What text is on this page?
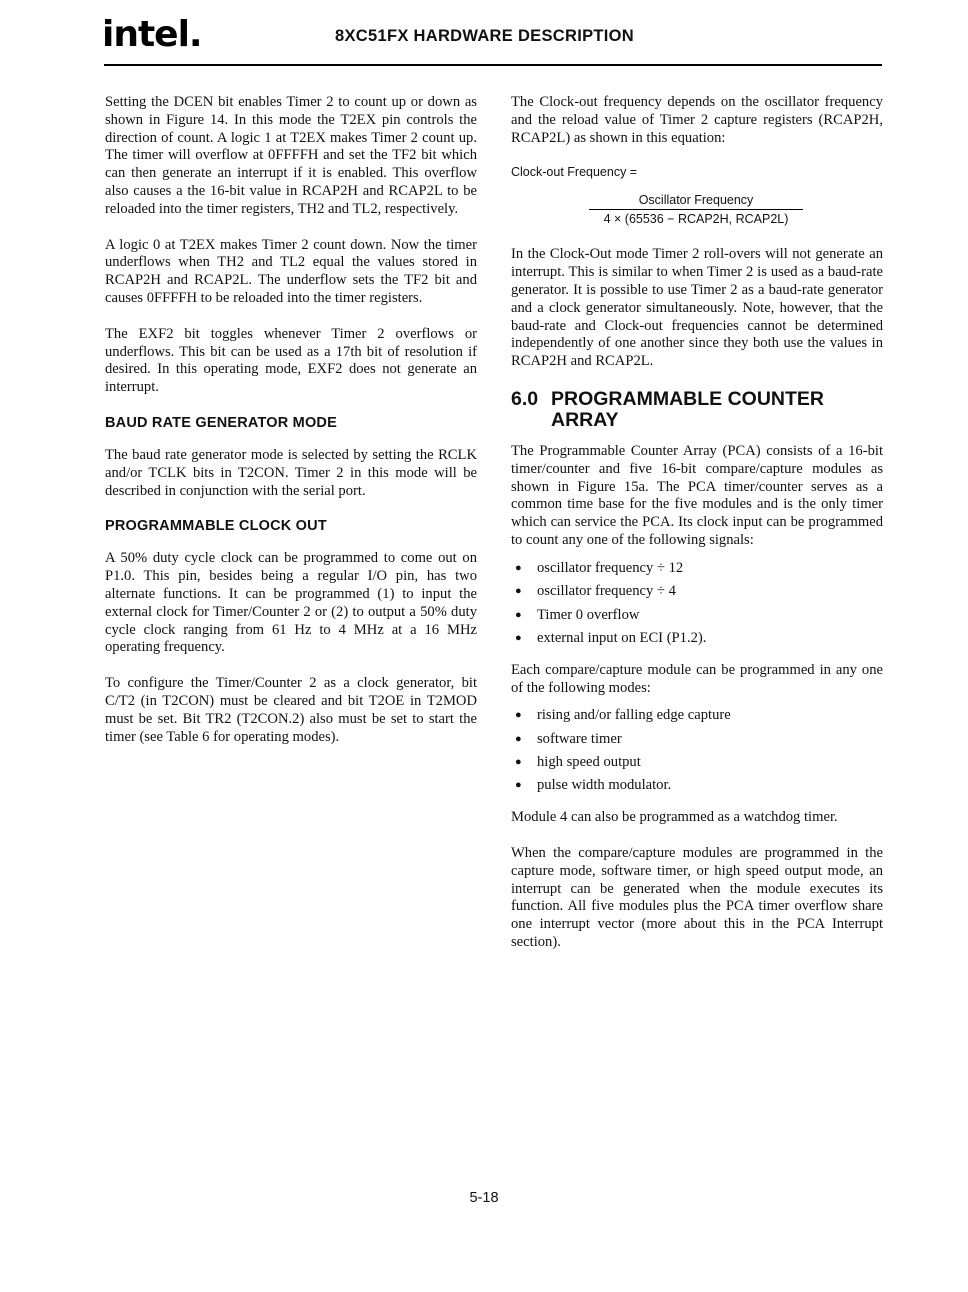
intel.	8XC51FX HARDWARE DESCRIPTION

Setting the DCEN bit enables Timer 2 to count up or down as shown in Figure 14. In this mode the T2EX pin controls the direction of count. A logic 1 at T2EX makes Timer 2 count up. The timer will overflow at 0FFFFH and set the TF2 bit which can then generate an interrupt if it is enabled. This overflow also causes a the 16-bit value in RCAP2H and RCAP2L to be reloaded into the timer registers, TH2 and TL2, respectively.

A logic 0 at T2EX makes Timer 2 count down. Now the timer underflows when TH2 and TL2 equal the values stored in RCAP2H and RCAP2L. The underflow sets the TF2 bit and causes 0FFFFH to be reloaded into the timer registers.

The EXF2 bit toggles whenever Timer 2 overflows or underflows. This bit can be used as a 17th bit of resolution if desired. In this operating mode, EXF2 does not generate an interrupt.

BAUD RATE GENERATOR MODE

The baud rate generator mode is selected by setting the RCLK and/or TCLK bits in T2CON. Timer 2 in this mode will be described in conjunction with the serial port.

PROGRAMMABLE CLOCK OUT

A 50% duty cycle clock can be programmed to come out on P1.0. This pin, besides being a regular I/O pin, has two alternate functions. It can be programmed (1) to input the external clock for Timer/Counter 2 or (2) to output a 50% duty cycle clock ranging from 61 Hz to 4 MHz at a 16 MHz operating frequency.

To configure the Timer/Counter 2 as a clock generator, bit C/T2 (in T2CON) must be cleared and bit T2OE in T2MOD must be set. Bit TR2 (T2CON.2) also must be set to start the timer (see Table 6 for operating modes).

The Clock-out frequency depends on the oscillator frequency and the reload value of Timer 2 capture registers (RCAP2H, RCAP2L) as shown in this equation:

Clock-out Frequency =
Oscillator Frequency
4 × (65536 − RCAP2H, RCAP2L)

In the Clock-Out mode Timer 2 roll-overs will not generate an interrupt. This is similar to when Timer 2 is used as a baud-rate generator. It is possible to use Timer 2 as a baud-rate generator and a clock generator simultaneously. Note, however, that the baud-rate and Clock-out frequencies cannot be determined independently of one another since they both use the values in RCAP2H and RCAP2L.

6.0 PROGRAMMABLE COUNTER ARRAY

The Programmable Counter Array (PCA) consists of a 16-bit timer/counter and five 16-bit compare/capture modules as shown in Figure 15a. The PCA timer/counter serves as a common time base for the five modules and is the only timer which can service the PCA. Its clock input can be programmed to count any one of the following signals:

●	oscillator frequency ÷ 12
●	oscillator frequency ÷ 4
●	Timer 0 overflow
●	external input on ECI (P1.2).

Each compare/capture module can be programmed in any one of the following modes:

●	rising and/or falling edge capture
●	software timer
●	high speed output
●	pulse width modulator.

Module 4 can also be programmed as a watchdog timer.

When the compare/capture modules are programmed in the capture mode, software timer, or high speed output mode, an interrupt can be generated when the module executes its function. All five modules plus the PCA timer overflow share one interrupt vector (more about this in the PCA Interrupt section).

5-18
